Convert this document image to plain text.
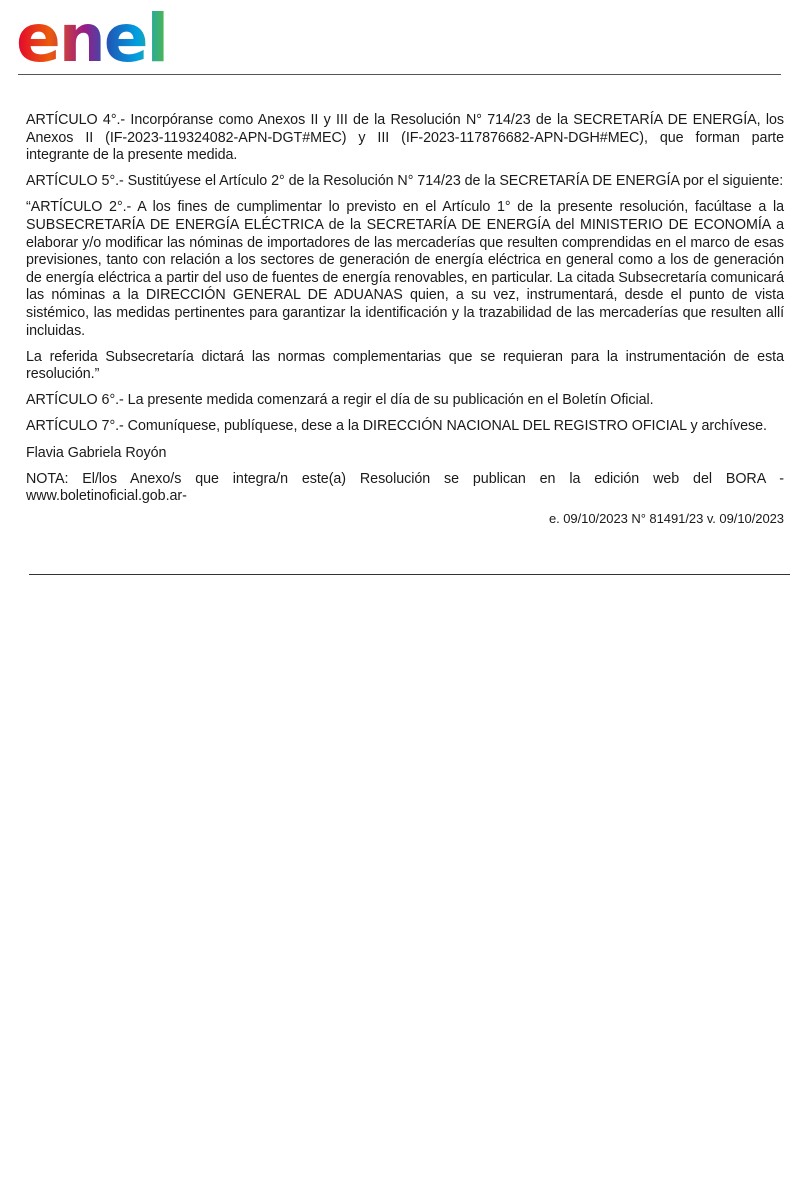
enel

ARTÍCULO 4°.- Incorpóranse como Anexos II y III de la Resolución N° 714/23 de la SECRETARÍA DE ENERGÍA, los Anexos II (IF-2023-119324082-APN-DGT#MEC) y III (IF-2023-117876682-APN-DGH#MEC), que forman parte integrante de la presente medida.

ARTÍCULO 5°.- Sustitúyese el Artículo 2° de la Resolución N° 714/23 de la SECRETARÍA DE ENERGÍA por el siguiente:

“ARTÍCULO 2°.- A los fines de cumplimentar lo previsto en el Artículo 1° de la presente resolución, facúltase a la SUBSECRETARÍA DE ENERGÍA ELÉCTRICA de la SECRETARÍA DE ENERGÍA del MINISTERIO DE ECONOMÍA a elaborar y/o modificar las nóminas de importadores de las mercaderías que resulten comprendidas en el marco de esas previsiones, tanto con relación a los sectores de generación de energía eléctrica en general como a los de generación de energía eléctrica a partir del uso de fuentes de energía renovables, en particular. La citada Subsecretaría comunicará las nóminas a la DIRECCIÓN GENERAL DE ADUANAS quien, a su vez, instrumentará, desde el punto de vista sistémico, las medidas pertinentes para garantizar la identificación y la trazabilidad de las mercaderías que resulten allí incluidas.

La referida Subsecretaría dictará las normas complementarias que se requieran para la instrumentación de esta resolución.”

ARTÍCULO 6°.- La presente medida comenzará a regir el día de su publicación en el Boletín Oficial.

ARTÍCULO 7°.- Comuníquese, publíquese, dese a la DIRECCIÓN NACIONAL DEL REGISTRO OFICIAL y archívese.

Flavia Gabriela Royón

NOTA: El/los Anexo/s que integra/n este(a) Resolución se publican en la edición web del BORA -www.boletinoficial.gob.ar-

e. 09/10/2023 N° 81491/23 v. 09/10/2023
